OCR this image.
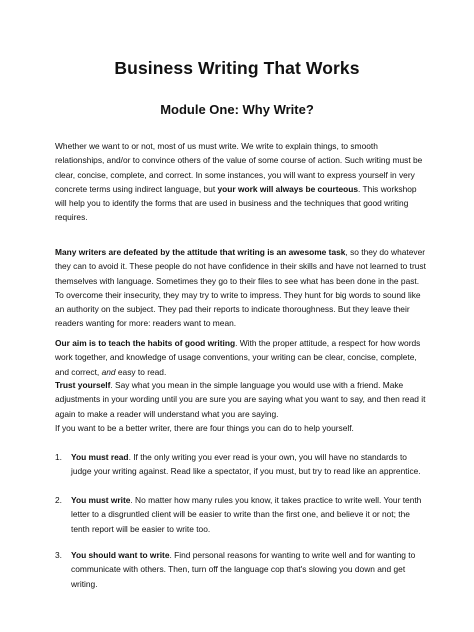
Business Writing That Works
Module One: Why Write?

Whether we want to or not, most of us must write. We write to explain things, to smooth relationships, and/or to convince others of the value of some course of action. Such writing must be clear, concise, complete, and correct. In some instances, you will want to express yourself in very concrete terms using indirect language, but your work will always be courteous. This workshop will help you to identify the forms that are used in business and the techniques that good writing requires.

Many writers are defeated by the attitude that writing is an awesome task, so they do whatever they can to avoid it. These people do not have confidence in their skills and have not learned to trust themselves with language. Sometimes they go to their files to see what has been done in the past. To overcome their insecurity, they may try to write to impress. They hunt for big words to sound like an authority on the subject. They pad their reports to indicate thoroughness. But they leave their readers wanting for more: readers want to mean.

Our aim is to teach the habits of good writing. With the proper attitude, a respect for how words work together, and knowledge of usage conventions, your writing can be clear, concise, complete, and correct, and easy to read.

Trust yourself. Say what you mean in the simple language you would use with a friend. Make adjustments in your wording until you are sure you are saying what you want to say, and then read it again to make a reader will understand what you are saying.

If you want to be a better writer, there are four things you can do to help yourself.

1. You must read. If the only writing you ever read is your own, you will have no standards to judge your writing against. Read like a spectator, if you must, but try to read like an apprentice.
2. You must write. No matter how many rules you know, it takes practice to write well. Your tenth letter to a disgruntled client will be easier to write than the first one, and believe it or not; the tenth report will be easier to write too.
3. You should want to write. Find personal reasons for wanting to write well and for wanting to communicate with others. Then, turn off the language cop that's slowing you down and get writing.
